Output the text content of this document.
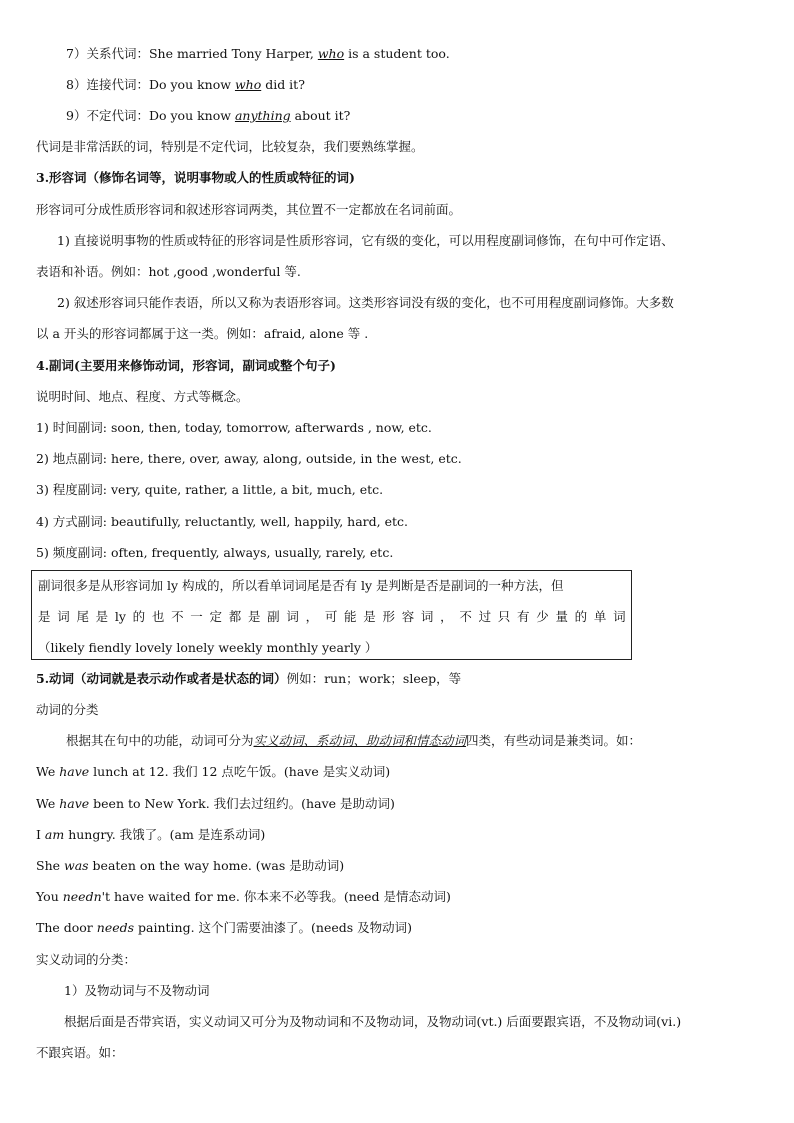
7）关系代词：She married Tony Harper, who is a student too.
8）连接代词：Do you know who did it?
9）不定代词：Do you know anything about it?
代词是非常活跃的词，特别是不定代词，比较复杂，我们要熟练掌握。
3.形容词（修饰名词等，说明事物或人的性质或特征的词)
形容词可分成性质形容词和叙述形容词两类，其位置不一定都放在名词前面。
1) 直接说明事物的性质或特征的形容词是性质形容词，它有级的变化，可以用程度副词修饰，在句中可作定语、
表语和补语。例如：hot ,good ,wonderful 等.
2) 叙述形容词只能作表语，所以又称为表语形容词。这类形容词没有级的变化，也不可用程度副词修饰。大多数
以 a 开头的形容词都属于这一类。例如：afraid, alone 等 .
4.副词(主要用来修饰动词，形容词，副词或整个句子)
说明时间、地点、程度、方式等概念。
1) 时间副词: soon, then, today, tomorrow, afterwards , now, etc.
2) 地点副词: here, there, over, away, along, outside, in the west, etc.
3) 程度副词: very, quite, rather, a little, a bit, much, etc.
4) 方式副词: beautifully, reluctantly, well, happily, hard, etc.
5) 频度副词: often, frequently, always, usually, rarely, etc.
副词很多是从形容词加 ly 构成的，所以看单词词尾是否有 ly 是判断是否是副词的一种方法，但
是 词 尾 是 ly 的 也 不 一 定 都 是 副 词 ， 可 能 是 形 容 词 ， 不 过 只 有 少 量 的 单 词
（likely fiendly lovely lonely weekly monthly yearly ）
5.动词（动词就是表示动作或者是状态的词）例如：run；work；sleep，等
动词的分类
根据其在句中的功能，动词可分为实义动词、系动词、助动词和情态动词四类，有些动词是兼类词。如：
We have lunch at 12. 我们 12 点吃午饭。(have 是实义动词)
We have been to New York. 我们去过纽约。(have 是助动词)
I am hungry. 我饿了。(am 是连系动词)
She was beaten on the way home. (was 是助动词)
You needn't have waited for me. 你本来不必等我。(need 是情态动词)
The door needs painting. 这个门需要油漆了。(needs 及物动词)
实义动词的分类：
1）及物动词与不及物动词
根据后面是否带宾语，实义动词又可分为及物动词和不及物动词，及物动词(vt.) 后面要跟宾语，不及物动词(vi.)
不跟宾语。如：
